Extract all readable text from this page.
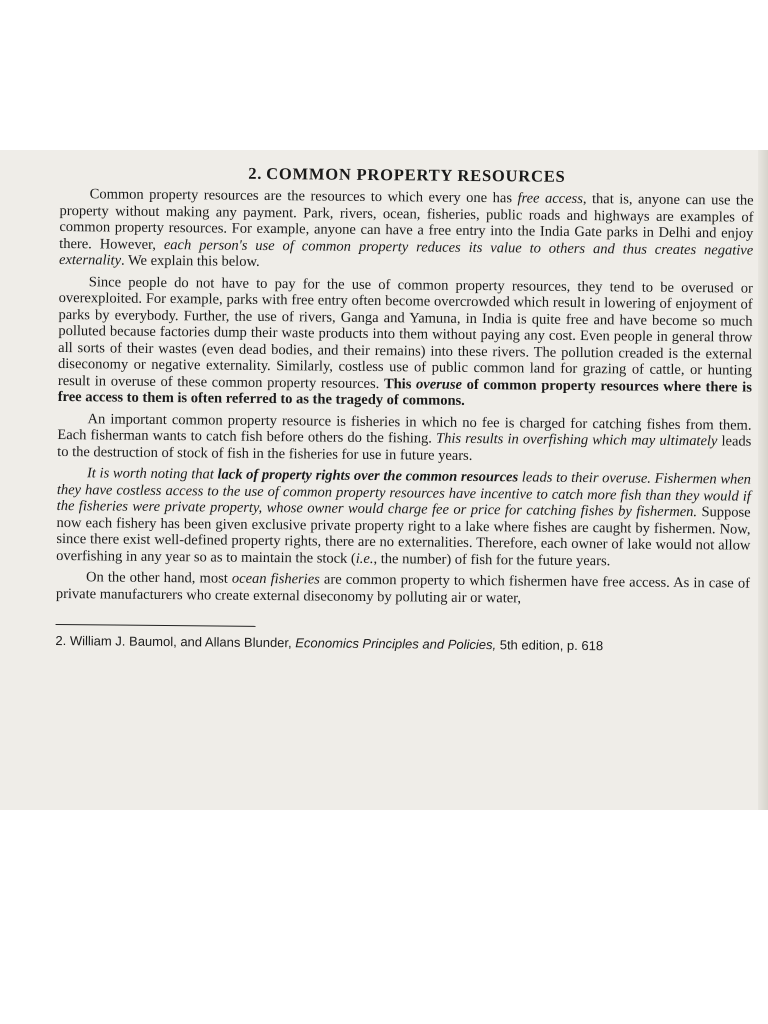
2. COMMON PROPERTY RESOURCES

Common property resources are the resources to which every one has free access, that is, anyone can use the property without making any payment. Park, rivers, ocean, fisheries, public roads and highways are examples of common property resources. For example, anyone can have a free entry into the India Gate parks in Delhi and enjoy there. However, each person's use of common property reduces its value to others and thus creates negative externality. We explain this below.

Since people do not have to pay for the use of common property resources, they tend to be overused or overexploited. For example, parks with free entry often become overcrowded which result in lowering of enjoyment of parks by everybody. Further, the use of rivers, Ganga and Yamuna, in India is quite free and have become so much polluted because factories dump their waste products into them without paying any cost. Even people in general throw all sorts of their wastes (even dead bodies, and their remains) into these rivers. The pollution creaded is the external diseconomy or negative externality. Similarly, costless use of public common land for grazing of cattle, or hunting result in overuse of these common property resources. This overuse of common property resources where there is free access to them is often referred to as the tragedy of commons.

An important common property resource is fisheries in which no fee is charged for catching fishes from them. Each fisherman wants to catch fish before others do the fishing. This results in overfishing which may ultimately leads to the destruction of stock of fish in the fisheries for use in future years.

It is worth noting that lack of property rights over the common resources leads to their overuse. Fishermen when they have costless access to the use of common property resources have incentive to catch more fish than they would if the fisheries were private property, whose owner would charge fee or price for catching fishes by fishermen. Suppose now each fishery has been given exclusive private property right to a lake where fishes are caught by fishermen. Now, since there exist well-defined property rights, there are no externalities. Therefore, each owner of lake would not allow overfishing in any year so as to maintain the stock (i.e., the number) of fish for the future years.

On the other hand, most ocean fisheries are common property to which fishermen have free access. As in case of private manufacturers who create external diseconomy by polluting air or water,

2. William J. Baumol, and Allans Blunder, Economics Principles and Policies, 5th edition, p. 618
